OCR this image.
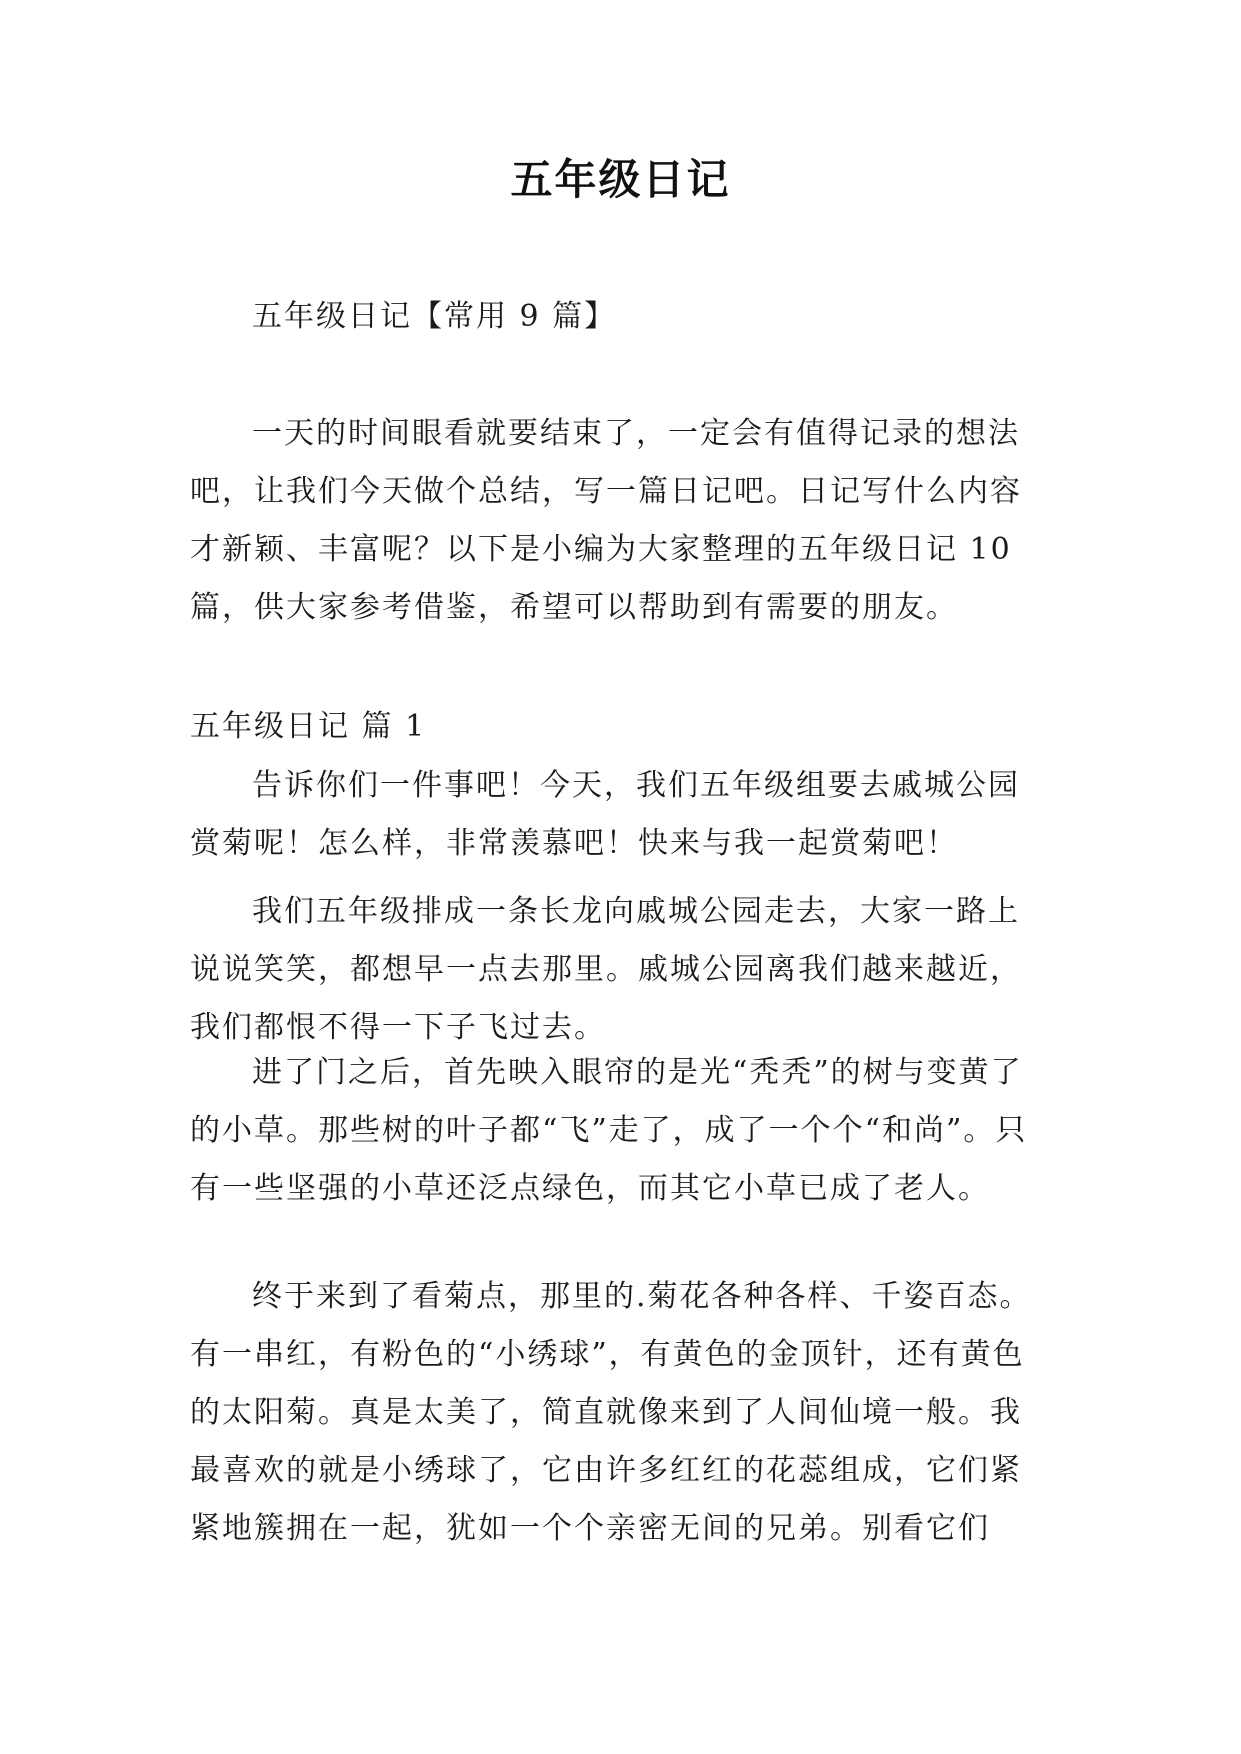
五年级日记

五年级日记【常用 9 篇】

一天的时间眼看就要结束了，一定会有值得记录的想法吧，让我们今天做个总结，写一篇日记吧。日记写什么内容才新颖、丰富呢？以下是小编为大家整理的五年级日记 10 篇，供大家参考借鉴，希望可以帮助到有需要的朋友。

五年级日记 篇 1

告诉你们一件事吧！今天，我们五年级组要去戚城公园赏菊呢！怎么样，非常羡慕吧！快来与我一起赏菊吧！

我们五年级排成一条长龙向戚城公园走去，大家一路上说说笑笑，都想早一点去那里。戚城公园离我们越来越近，我们都恨不得一下子飞过去。

进了门之后，首先映入眼帘的是光“秃秃”的树与变黄了的小草。那些树的叶子都“飞”走了，成了一个个“和尚”。只有一些坚强的小草还泛点绿色，而其它小草已成了老人。

终于来到了看菊点，那里的.菊花各种各样、千姿百态。有一串红，有粉色的“小绣球”，有黄色的金顶针，还有黄色的太阳菊。真是太美了，简直就像来到了人间仙境一般。我最喜欢的就是小绣球了，它由许多红红的花蕊组成，它们紧紧地簇拥在一起，犹如一个个亲密无间的兄弟。别看它们
